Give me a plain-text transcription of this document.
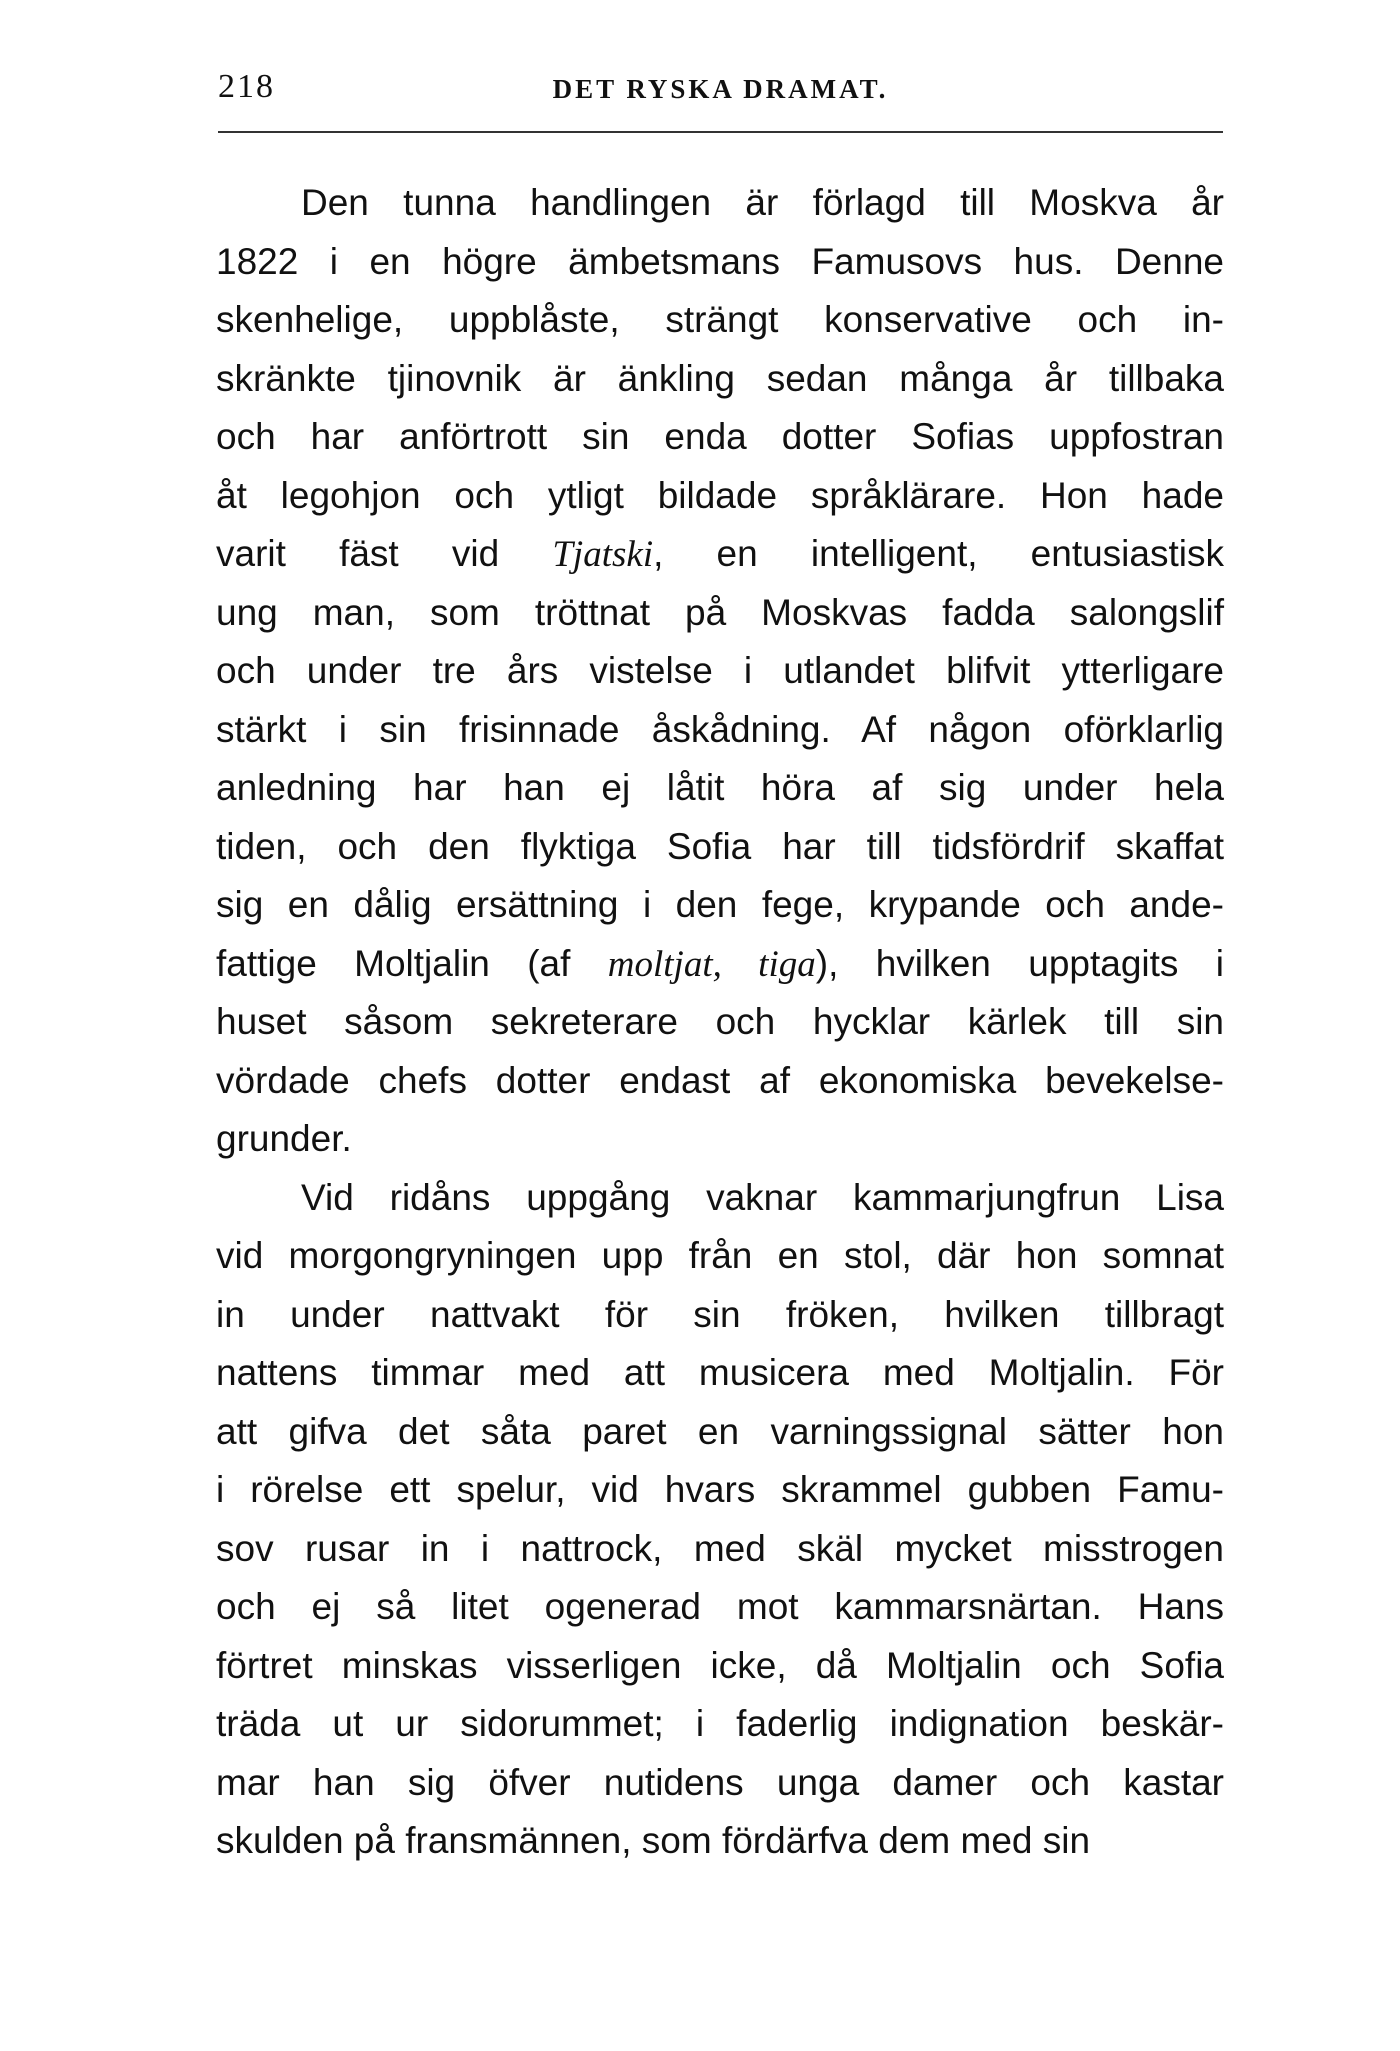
218	DET RYSKA DRAMAT.
Den tunna handlingen är förlagd till Moskva år
1822 i en högre ämbetsmans Famusovs hus. Denne
skenhelige, uppblåste, strängt konservative och in-
skränkte tjinovnik är änkling sedan många år tillbaka
och har anförtrott sin enda dotter Sofias uppfostran
åt legohjon och ytligt bildade språklärare. Hon hade
varit fäst vid Tjatski, en intelligent, entusiastisk
ung man, som tröttnat på Moskvas fadda salongslif
och under tre års vistelse i utlandet blifvit ytterligare
stärkt i sin frisinnade åskådning. Af någon oförklarlig
anledning har han ej låtit höra af sig under hela
tiden, och den flyktiga Sofia har till tidsfördrif skaffat
sig en dålig ersättning i den fege, krypande och ande-
fattige Moltjalin (af moltjat, tiga), hvilken upptagits i
huset såsom sekreterare och hycklar kärlek till sin
vördade chefs dotter endast af ekonomiska bevekelse-
grunder.
Vid ridåns uppgång vaknar kammarjungfrun Lisa
vid morgongryningen upp från en stol, där hon somnat
in under nattvakt för sin fröken, hvilken tillbragt
nattens timmar med att musicera med Moltjalin. För
att gifva det såta paret en varningssignal sätter hon
i rörelse ett spelur, vid hvars skrammel gubben Famu-
sov rusar in i nattrock, med skäl mycket misstrogen
och ej så litet ogenerad mot kammarsnärtan. Hans
förtret minskas visserligen icke, då Moltjalin och Sofia
träda ut ur sidorummet; i faderlig indignation beskär-
mar han sig öfver nutidens unga damer och kastar
skulden på fransmännen, som fördärfva dem med sin
